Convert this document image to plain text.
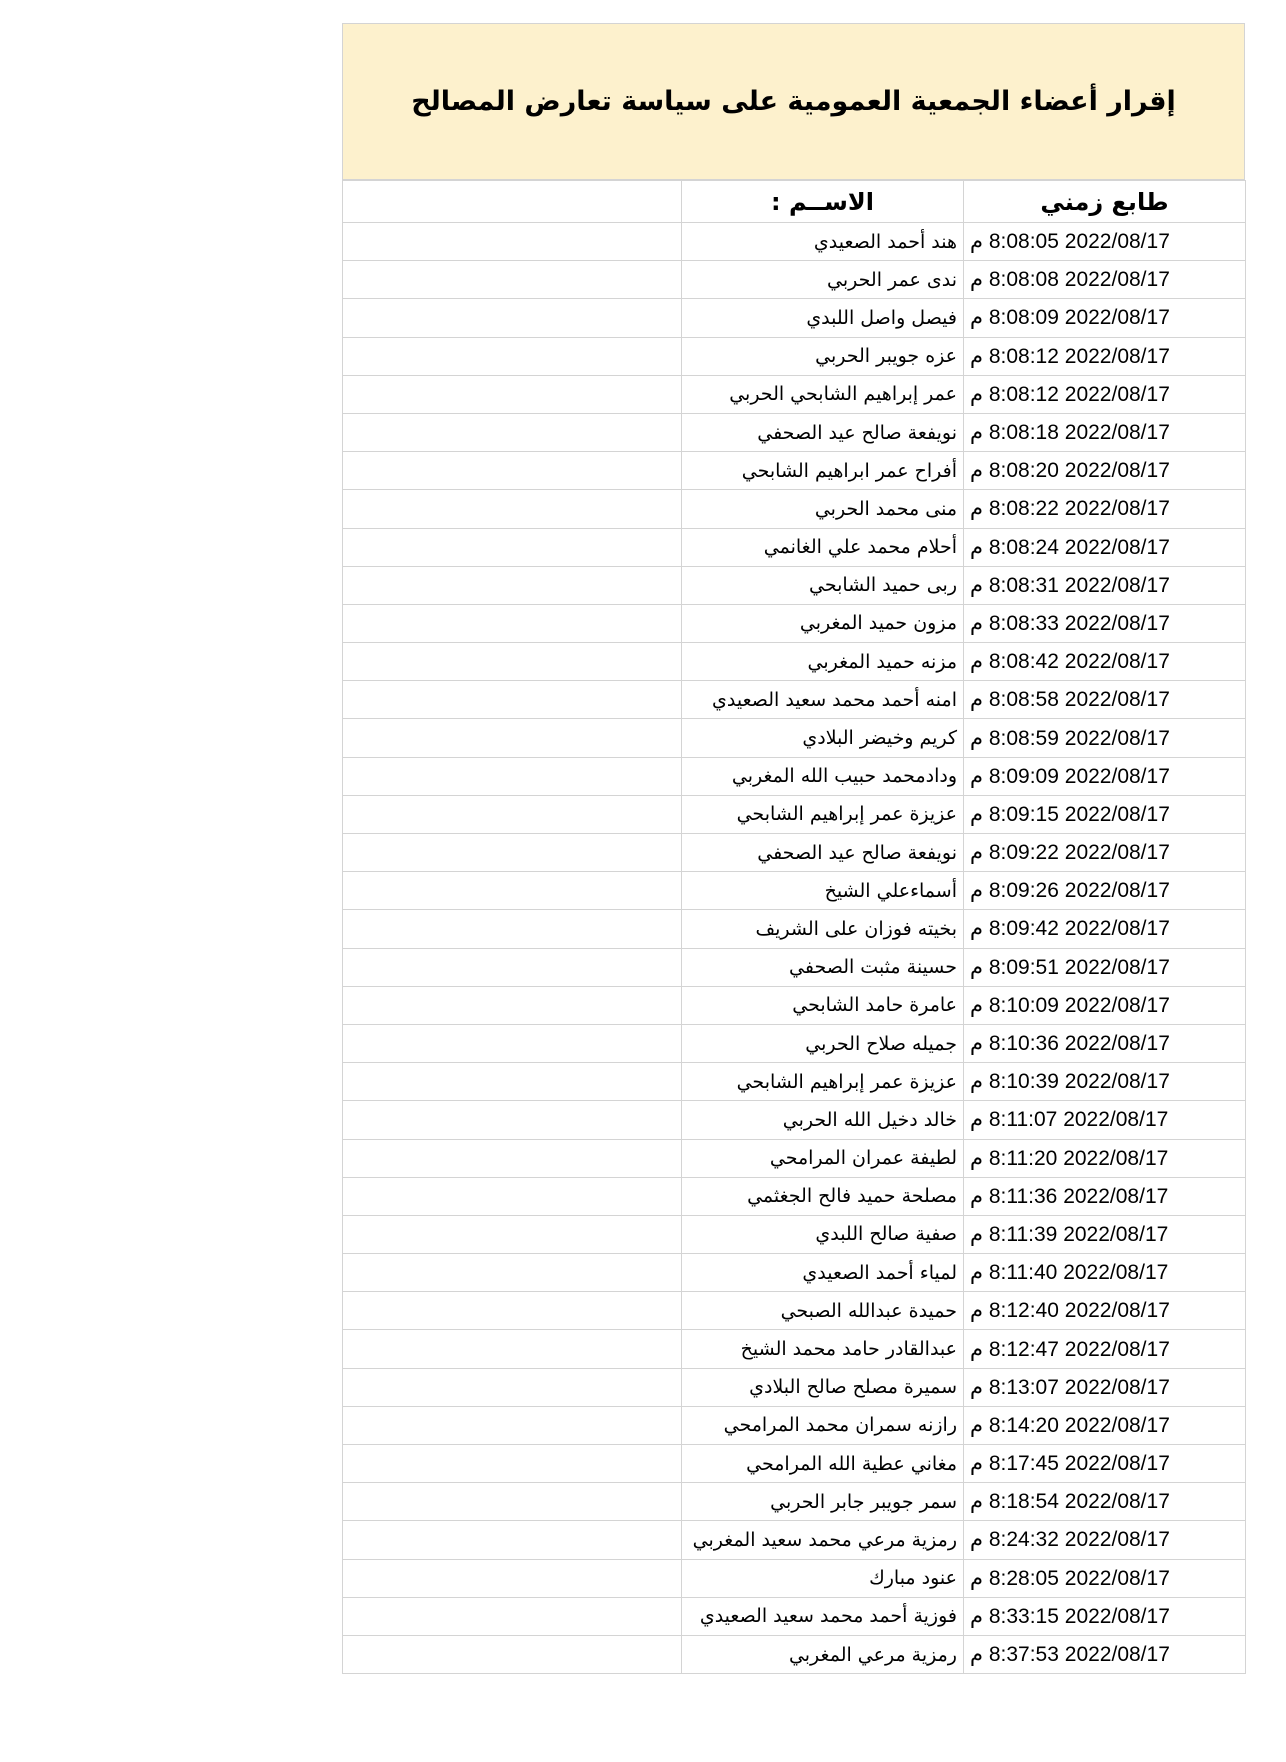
إقرار أعضاء الجمعية العمومية على سياسة تعارض المصالح
	الاســم :	طابع زمني
	هند أحمد الصعيدي	2022/08/17 8:08:05 م
	ندى عمر الحربي	2022/08/17 8:08:08 م
	فيصل واصل اللبدي	2022/08/17 8:08:09 م
	عزه جويبر الحربي	2022/08/17 8:08:12 م
	عمر إبراهيم الشابحي الحربي	2022/08/17 8:08:12 م
	نويفعة صالح عيد الصحفي	2022/08/17 8:08:18 م
	أفراح عمر ابراهيم الشابحي	2022/08/17 8:08:20 م
	منى محمد الحربي	2022/08/17 8:08:22 م
	أحلام محمد علي الغانمي	2022/08/17 8:08:24 م
	ربى حميد الشابحي	2022/08/17 8:08:31 م
	مزون حميد المغربي	2022/08/17 8:08:33 م
	مزنه حميد المغربي	2022/08/17 8:08:42 م
	امنه أحمد محمد سعيد الصعيدي	2022/08/17 8:08:58 م
	كريم وخيضر البلادي	2022/08/17 8:08:59 م
	ودادمحمد حبيب الله المغربي	2022/08/17 8:09:09 م
	عزيزة عمر إبراهيم الشابحي	2022/08/17 8:09:15 م
	نويفعة صالح عيد الصحفي	2022/08/17 8:09:22 م
	أسماءعلي الشيخ	2022/08/17 8:09:26 م
	بخيته فوزان على الشريف	2022/08/17 8:09:42 م
	حسينة مثبت الصحفي	2022/08/17 8:09:51 م
	عامرة حامد الشابحي	2022/08/17 8:10:09 م
	جميله صلاح الحربي	2022/08/17 8:10:36 م
	عزيزة عمر إبراهيم الشابحي	2022/08/17 8:10:39 م
	خالد دخيل الله الحربي	2022/08/17 8:11:07 م
	لطيفة عمران المرامحي	2022/08/17 8:11:20 م
	مصلحة حميد فالح الجغثمي	2022/08/17 8:11:36 م
	صفية صالح اللبدي	2022/08/17 8:11:39 م
	لمياء أحمد الصعيدي	2022/08/17 8:11:40 م
	حميدة عبدالله الصبحي	2022/08/17 8:12:40 م
	عبدالقادر حامد محمد الشيخ	2022/08/17 8:12:47 م
	سميرة مصلح صالح البلادي	2022/08/17 8:13:07 م
	رازنه سمران محمد المرامحي	2022/08/17 8:14:20 م
	مغاني عطية الله المرامحي	2022/08/17 8:17:45 م
	سمر جويبر جابر الحربي	2022/08/17 8:18:54 م
	رمزية مرعي محمد سعيد المغربي	2022/08/17 8:24:32 م
	عنود مبارك	2022/08/17 8:28:05 م
	فوزية أحمد محمد سعيد الصعيدي	2022/08/17 8:33:15 م
	رمزية مرعي المغربي	2022/08/17 8:37:53 م
